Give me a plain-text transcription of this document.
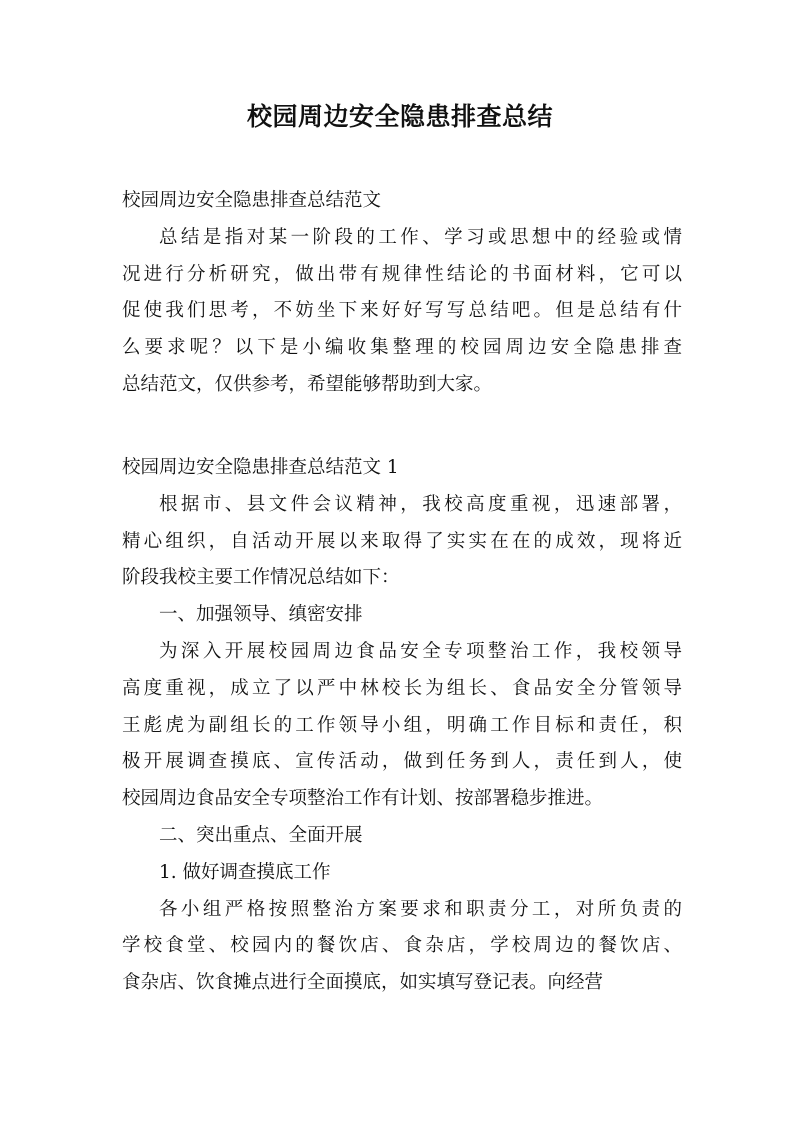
校园周边安全隐患排查总结
校园周边安全隐患排查总结范文
总结是指对某一阶段的工作、学习或思想中的经验或情
况进行分析研究，做出带有规律性结论的书面材料，它可以
促使我们思考，不妨坐下来好好写写总结吧。但是总结有什
么要求呢？以下是小编收集整理的校园周边安全隐患排查
总结范文，仅供参考，希望能够帮助到大家。
校园周边安全隐患排查总结范文 1
根据市、县文件会议精神，我校高度重视，迅速部署，
精心组织，自活动开展以来取得了实实在在的成效，现将近
阶段我校主要工作情况总结如下：
一、加强领导、缜密安排
为深入开展校园周边食品安全专项整治工作，我校领导
高度重视，成立了以严中林校长为组长、食品安全分管领导
王彪虎为副组长的工作领导小组，明确工作目标和责任，积
极开展调查摸底、宣传活动，做到任务到人，责任到人，使
校园周边食品安全专项整治工作有计划、按部署稳步推进。
二、突出重点、全面开展
1. 做好调查摸底工作
各小组严格按照整治方案要求和职责分工，对所负责的
学校食堂、校园内的餐饮店、食杂店，学校周边的餐饮店、
食杂店、饮食摊点进行全面摸底，如实填写登记表。向经营
